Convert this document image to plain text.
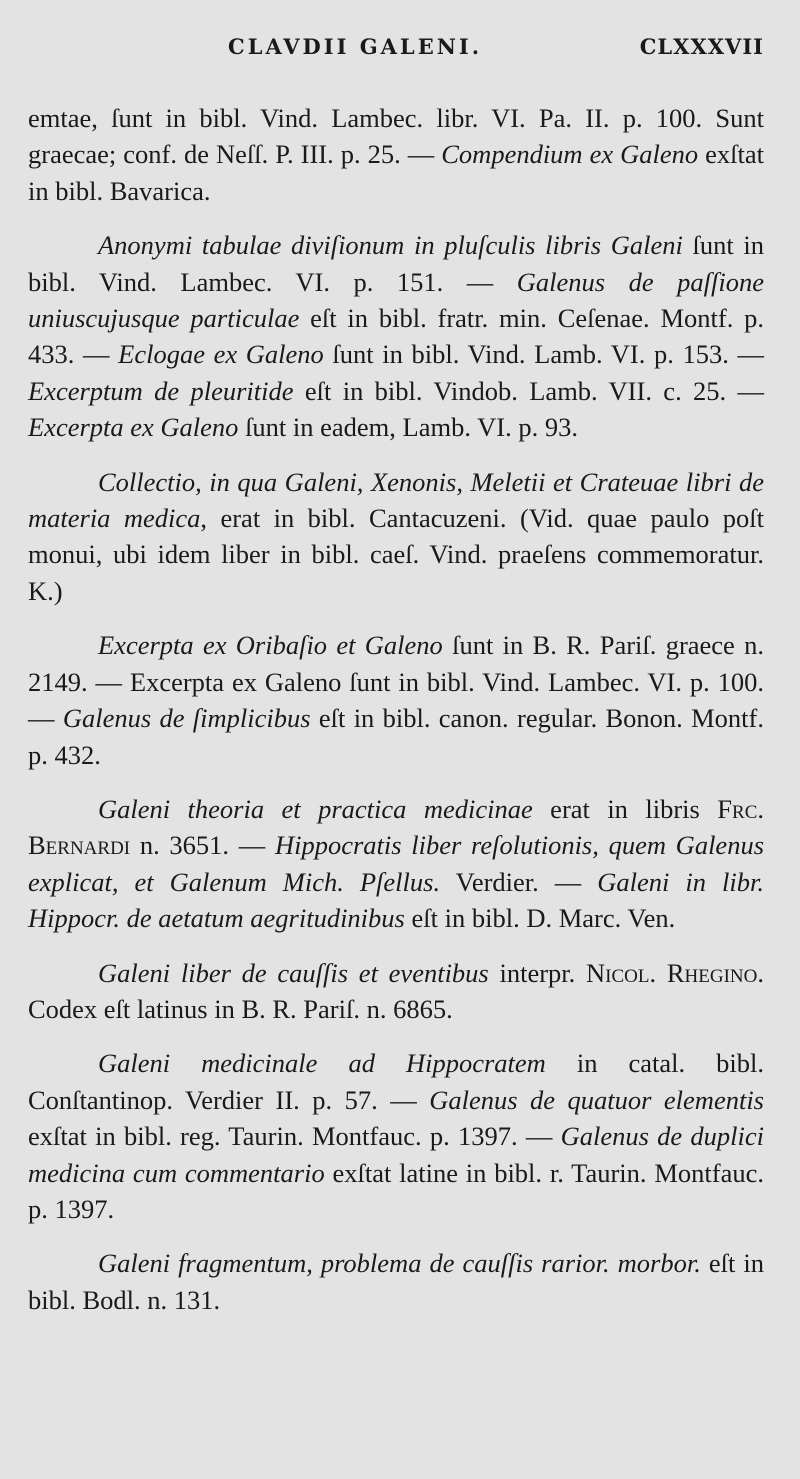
CLAVDII GALENI.	CLXXXVII

emtae, ſunt in bibl. Vind. Lambec. libr. VI. Pa. II. p. 100. Sunt graecae; conf. de Neſſ. P. III. p. 25. — Compendium ex Galeno exſtat in bibl. Bavarica.

Anonymi tabulae diviſionum in pluſculis libris Galeni ſunt in bibl. Vind. Lambec. VI. p. 151. — Galenus de paſſione uniuscujusque particulae eſt in bibl. fratr. min. Ceſenae. Montf. p. 433. — Eclogae ex Galeno ſunt in bibl. Vind. Lamb. VI. p. 153. — Excerptum de pleuritide eſt in bibl. Vindob. Lamb. VII. c. 25. — Excerpta ex Galeno ſunt in eadem, Lamb. VI. p. 93.

Collectio, in qua Galeni, Xenonis, Meletii et Crateuae libri de materia medica, erat in bibl. Cantacuzeni. (Vid. quae paulo poſt monui, ubi idem liber in bibl. caeſ. Vind. praeſens commemoratur. K.)

Excerpta ex Oribaſio et Galeno ſunt in B. R. Pariſ. graece n. 2149. — Excerpta ex Galeno ſunt in bibl. Vind. Lambec. VI. p. 100. — Galenus de ſimplicibus eſt in bibl. canon. regular. Bonon. Montf. p. 432.

Galeni theoria et practica medicinae erat in libris Frc. Bernardi n. 3651. — Hippocratis liber reſolutionis, quem Galenus explicat, et Galenum Mich. Pſellus. Verdier. — Galeni in libr. Hippocr. de aetatum aegritudinibus eſt in bibl. D. Marc. Ven.

Galeni liber de cauſſis et eventibus interpr. Nicol. Rhegino. Codex eſt latinus in B. R. Pariſ. n. 6865.

Galeni medicinale ad Hippocratem in catal. bibl. Conſtantinop. Verdier II. p. 57. — Galenus de quatuor elementis exſtat in bibl. reg. Taurin. Montfauc. p. 1397. — Galenus de duplici medicina cum commentario exſtat latine in bibl. r. Taurin. Montfauc. p. 1397.

Galeni fragmentum, problema de cauſſis rarior. morbor. eſt in bibl. Bodl. n. 131.
